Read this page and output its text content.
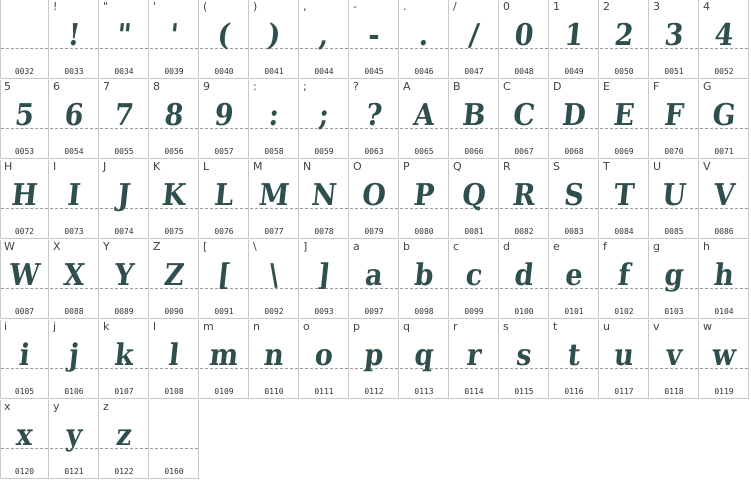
0032
!
!
0033
"
"
0034
'
'
0039
(
(
0040
)
)
0041
,
,
0044
-
-
0045
.
.
0046
/
/
0047
0
0
0048
1
1
0049
2
2
0050
3
3
0051
4
4
0052
5
5
0053
6
6
0054
7
7
0055
8
8
0056
9
9
0057
:
:
0058
;
;
0059
?
?
0063
A
A
0065
B
B
0066
C
C
0067
D
D
0068
E
E
0069
F
F
0070
G
G
0071
H
H
0072
I
I
0073
J
J
0074
K
K
0075
L
L
0076
M
M
0077
N
N
0078
O
O
0079
P
P
0080
Q
Q
0081
R
R
0082
S
S
0083
T
T
0084
U
U
0085
V
V
0086
W
W
0087
X
X
0088
Y
Y
0089
Z
Z
0090
[
[
0091
\
\
0092
]
]
0093
a
a
0097
b
b
0098
c
c
0099
d
d
0100
e
e
0101
f
f
0102
g
g
0103
h
h
0104
i
i
0105
j
j
0106
k
k
0107
l
l
0108
m
m
0109
n
n
0110
o
o
0111
p
p
0112
q
q
0113
r
r
0114
s
s
0115
t
t
0116
u
u
0117
v
v
0118
w
w
0119
x
x
0120
y
y
0121
z
z
0122	0160
